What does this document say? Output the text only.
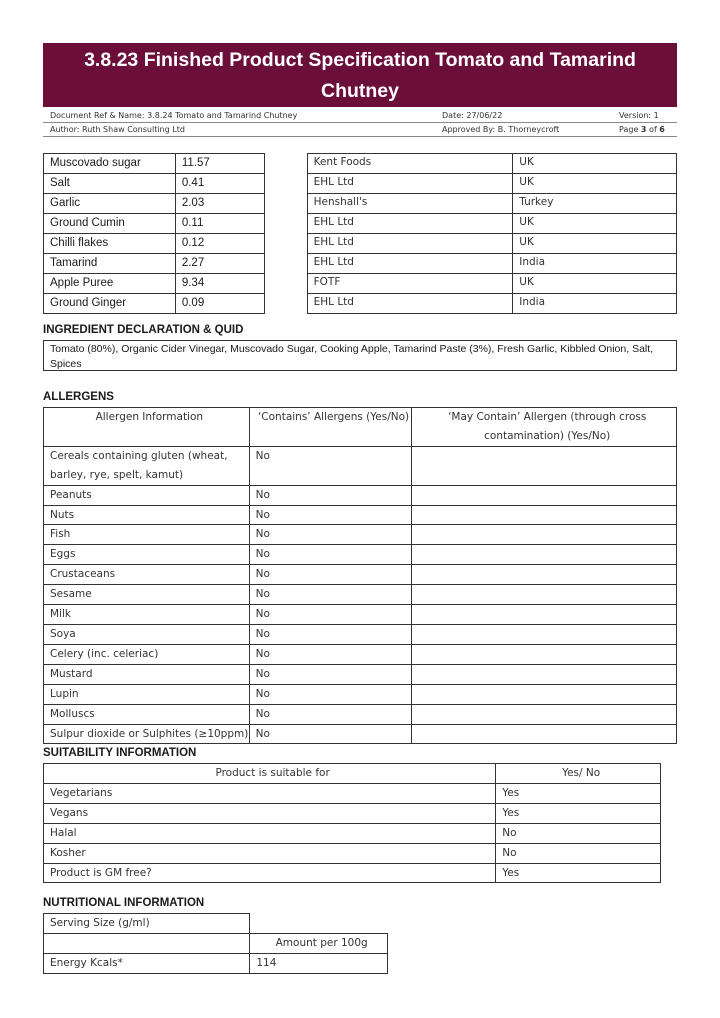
3.8.23 Finished Product Specification Tomato and Tamarind Chutney
Document Ref & Name: 3.8.24 Tomato and Tamarind Chutney	Date: 27/06/22	Version: 1
Author: Ruth Shaw Consulting Ltd	Approved By: B. Thorneycroft	Page 3 of 6
Muscovado sugar	11.57		Kent Foods	UK
Salt	0.41		EHL Ltd	UK
Garlic	2.03		Henshall's	Turkey
Ground Cumin	0.11		EHL Ltd	UK
Chilli flakes	0.12		EHL Ltd	UK
Tamarind	2.27		EHL Ltd	India
Apple Puree	9.34		FOTF	UK
Ground Ginger	0.09		EHL Ltd	India
INGREDIENT DECLARATION & QUID
Tomato (80%), Organic Cider Vinegar, Muscovado Sugar, Cooking Apple, Tamarind Paste (3%), Fresh Garlic, Kibbled Onion, Salt, Spices
ALLERGENS
Allergen Information	‘Contains’ Allergens (Yes/No)	‘May Contain’ Allergen (through cross contamination) (Yes/No)
Cereals containing gluten (wheat, barley, rye, spelt, kamut)	No	
Peanuts	No	
Nuts	No	
Fish	No	
Eggs	No	
Crustaceans	No	
Sesame	No	
Milk	No	
Soya	No	
Celery (inc. celeriac)	No	
Mustard	No	
Lupin	No	
Molluscs	No	
Sulpur dioxide or Sulphites (≥10ppm)	No	
SUITABILITY INFORMATION
Product is suitable for	Yes/ No
Vegetarians	Yes
Vegans	Yes
Halal	No
Kosher	No
Product is GM free?	Yes
NUTRITIONAL INFORMATION
Serving Size (g/ml)	
	Amount per 100g
Energy Kcals*	114
